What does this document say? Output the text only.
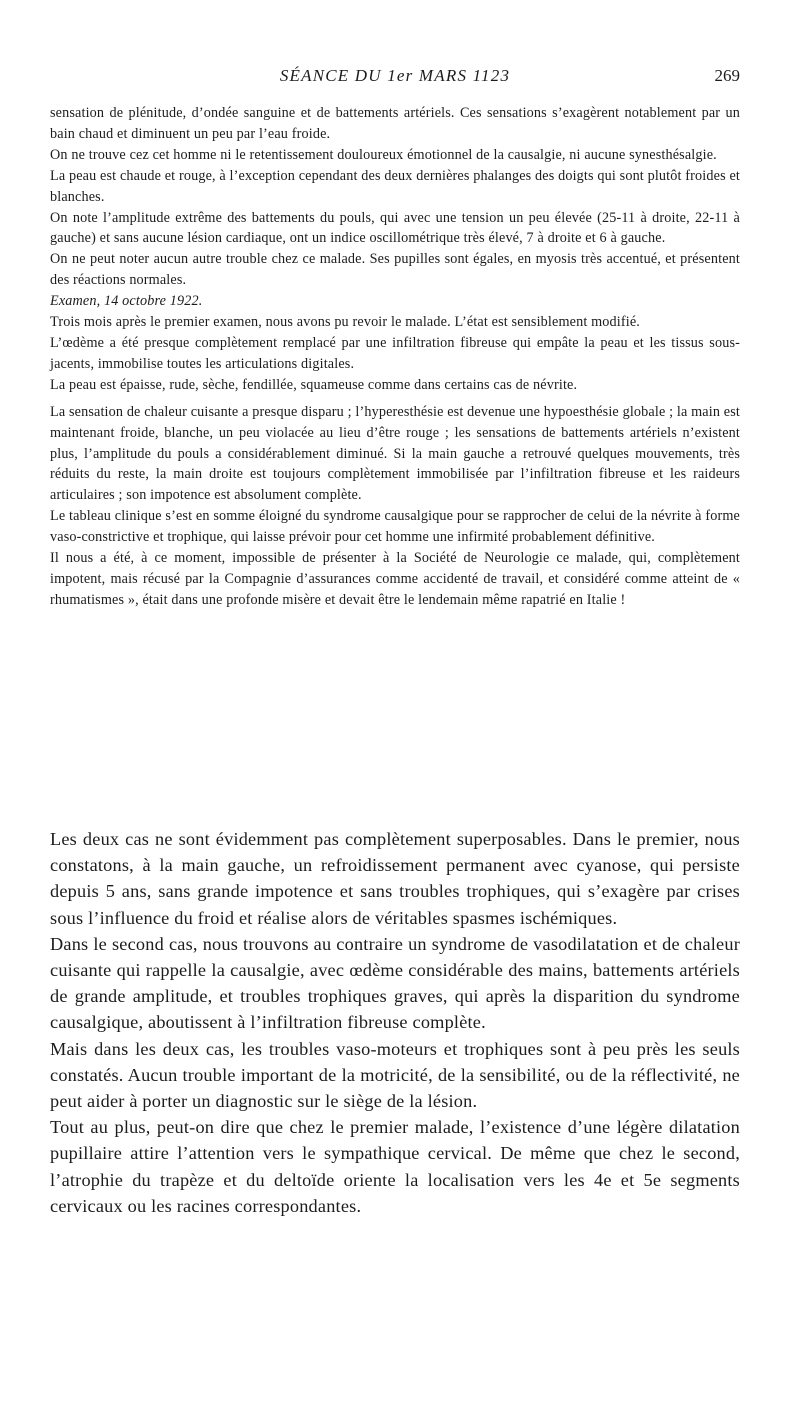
SÉANCE DU 1er MARS 1123	269

sensation de plénitude, d’ondée sanguine et de battements artériels. Ces sensations s’exagèrent notablement par un bain chaud et diminuent un peu par l’eau froide.

On ne trouve cez cet homme ni le retentissement douloureux émotionnel de la causalgie, ni aucune synesthésalgie.

La peau est chaude et rouge, à l’exception cependant des deux dernières phalanges des doigts qui sont plutôt froides et blanches.

On note l’amplitude extrême des battements du pouls, qui avec une tension un peu élevée (25-11 à droite, 22-11 à gauche) et sans aucune lésion cardiaque, ont un indice oscillométrique très élevé, 7 à droite et 6 à gauche.

On ne peut noter aucun autre trouble chez ce malade. Ses pupilles sont égales, en myosis très accentué, et présentent des réactions normales.

Examen, 14 octobre 1922.

Trois mois après le premier examen, nous avons pu revoir le malade. L’état est sensiblement modifié.

L’œdème a été presque complètement remplacé par une infiltration fibreuse qui empâte la peau et les tissus sous-jacents, immobilise toutes les articulations digitales.

La peau est épaisse, rude, sèche, fendillée, squameuse comme dans certains cas de névrite.

La sensation de chaleur cuisante a presque disparu ; l’hyperesthésie est devenue une hypoesthésie globale ; la main est maintenant froide, blanche, un peu violacée au lieu d’être rouge ; les sensations de battements artériels n’existent plus, l’amplitude du pouls a considérablement diminué. Si la main gauche a retrouvé quelques mouvements, très réduits du reste, la main droite est toujours complètement immobilisée par l’infiltration fibreuse et les raideurs articulaires ; son impotence est absolument complète.

Le tableau clinique s’est en somme éloigné du syndrome causalgique pour se rapprocher de celui de la névrite à forme vaso-constrictive et trophique, qui laisse prévoir pour cet homme une infirmité probablement définitive.

Il nous a été, à ce moment, impossible de présenter à la Société de Neurologie ce malade, qui, complètement impotent, mais récusé par la Compagnie d’assurances comme accidenté de travail, et considéré comme atteint de « rhumatismes », était dans une profonde misère et devait être le lendemain même rapatrié en Italie !

Les deux cas ne sont évidemment pas complètement superposables. Dans le premier, nous constatons, à la main gauche, un refroidissement permanent avec cyanose, qui persiste depuis 5 ans, sans grande impotence et sans troubles trophiques, qui s’exagère par crises sous l’influence du froid et réalise alors de véritables spasmes ischémiques.

Dans le second cas, nous trouvons au contraire un syndrome de vasodilatation et de chaleur cuisante qui rappelle la causalgie, avec œdème considérable des mains, battements artériels de grande amplitude, et troubles trophiques graves, qui après la disparition du syndrome causalgique, aboutissent à l’infiltration fibreuse complète.

Mais dans les deux cas, les troubles vaso-moteurs et trophiques sont à peu près les seuls constatés. Aucun trouble important de la motricité, de la sensibilité, ou de la réflectivité, ne peut aider à porter un diagnostic sur le siège de la lésion.

Tout au plus, peut-on dire que chez le premier malade, l’existence d’une légère dilatation pupillaire attire l’attention vers le sympathique cervical. De même que chez le second, l’atrophie du trapèze et du deltoïde oriente la localisation vers les 4e et 5e segments cervicaux ou les racines correspondantes.
